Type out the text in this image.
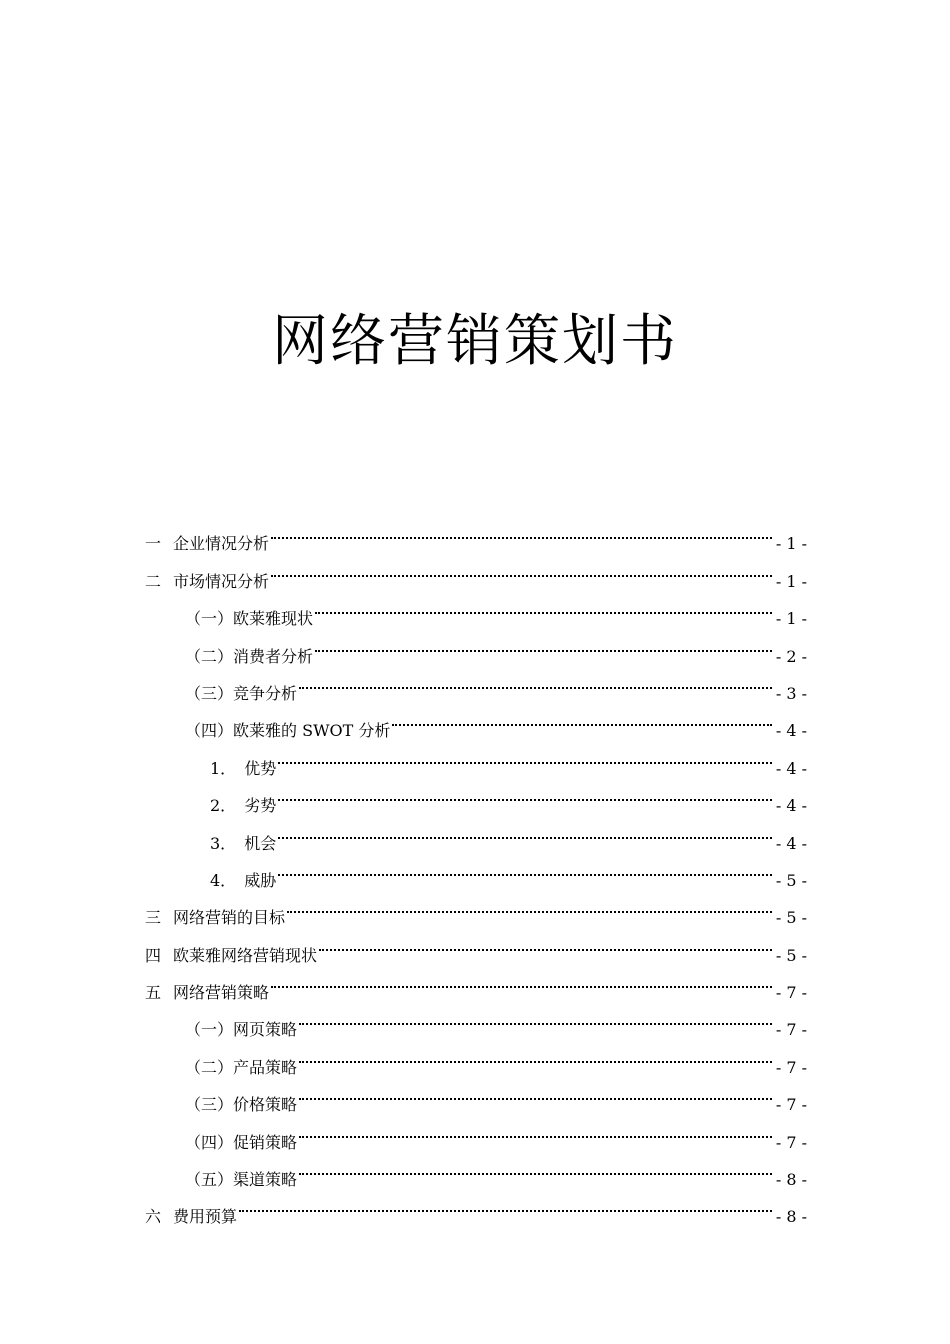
网络营销策划书
一 企业情况分析	- 1 -
二 市场情况分析	- 1 -
（一） 欧莱雅现状	- 1 -
（二） 消费者分析	- 2 -
（三） 竞争分析	- 3 -
（四） 欧莱雅的 SWOT 分析	- 4 -
1． 优势	- 4 -
2． 劣势	- 4 -
3． 机会	- 4 -
4． 威胁	- 5 -
三 网络营销的目标	- 5 -
四 欧莱雅网络营销现状	- 5 -
五 网络营销策略	- 7 -
（一） 网页策略	- 7 -
（二） 产品策略	- 7 -
（三） 价格策略	- 7 -
（四） 促销策略	- 7 -
（五） 渠道策略	- 8 -
六 费用预算	- 8 -
